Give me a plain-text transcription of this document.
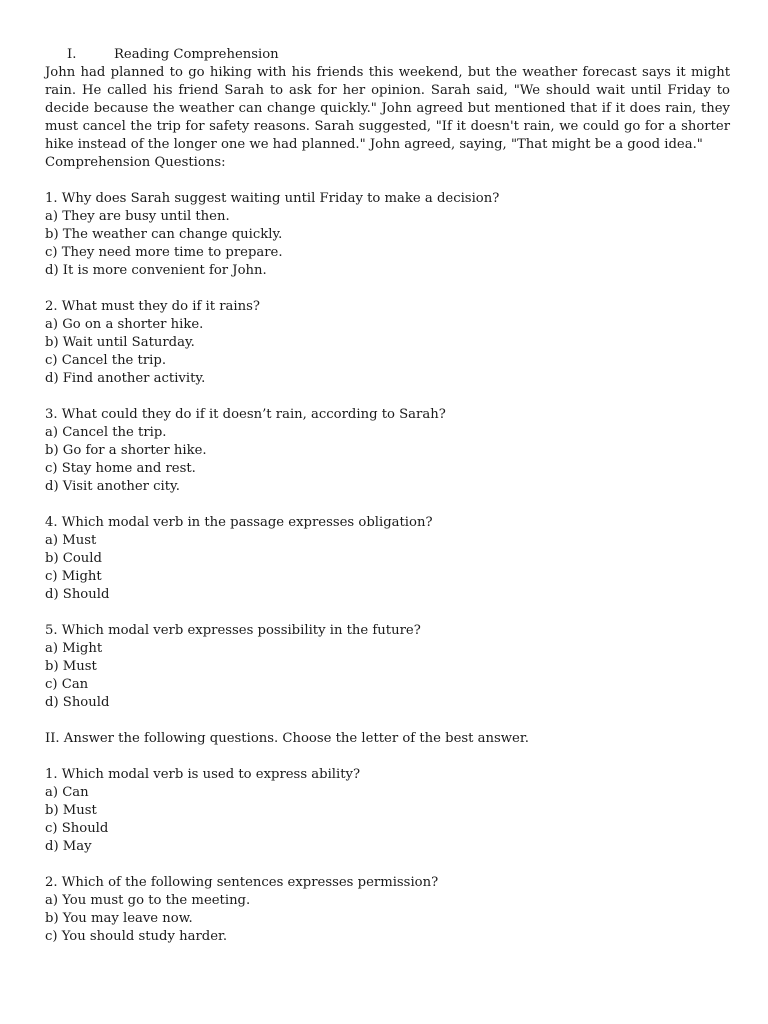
I.	Reading Comprehension
John had planned to go hiking with his friends this weekend, but the weather forecast says it might rain. He called his friend Sarah to ask for her opinion. Sarah said, "We should wait until Friday to decide because the weather can change quickly." John agreed but mentioned that if it does rain, they must cancel the trip for safety reasons. Sarah suggested, "If it doesn't rain, we could go for a shorter hike instead of the longer one we had planned." John agreed, saying, "That might be a good idea."
Comprehension Questions:
1. Why does Sarah suggest waiting until Friday to make a decision?
a) They are busy until then.
b) The weather can change quickly.
c) They need more time to prepare.
d) It is more convenient for John.
2. What must they do if it rains?
a) Go on a shorter hike.
b) Wait until Saturday.
c) Cancel the trip.
d) Find another activity.
3. What could they do if it doesn’t rain, according to Sarah?
a) Cancel the trip.
b) Go for a shorter hike.
c) Stay home and rest.
d) Visit another city.
4. Which modal verb in the passage expresses obligation?
a) Must
b) Could
c) Might
d) Should
5. Which modal verb expresses possibility in the future?
a) Might
b) Must
c) Can
d) Should
II. Answer the following questions. Choose the letter of the best answer.
1. Which modal verb is used to express ability?
a) Can
b) Must
c) Should
d) May
2. Which of the following sentences expresses permission?
a) You must go to the meeting.
b) You may leave now.
c) You should study harder.
